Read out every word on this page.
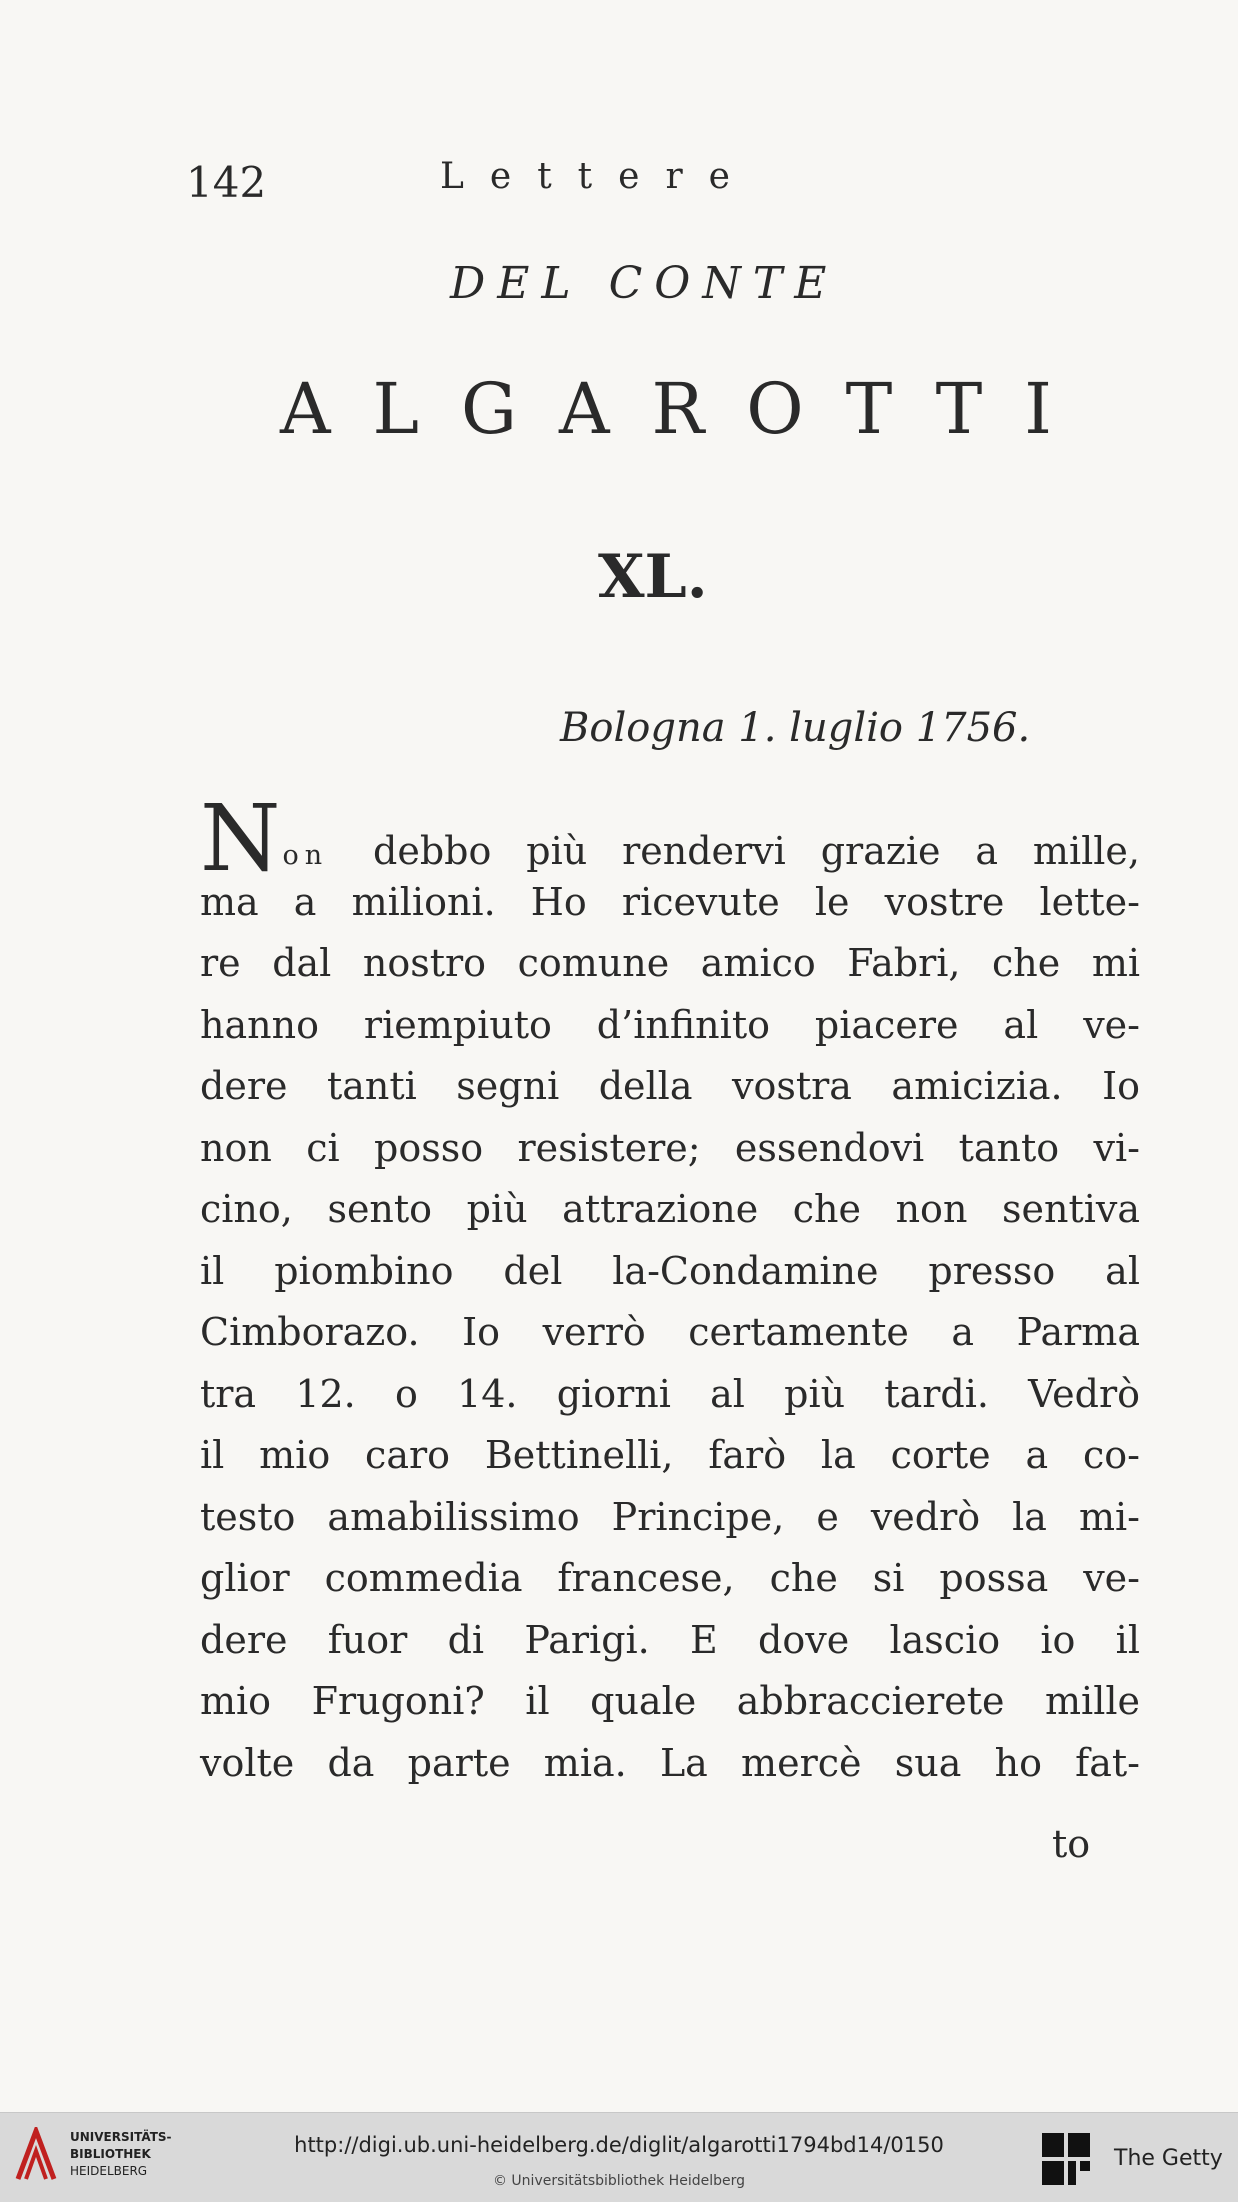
142	Lettere
DEL CONTE
ALGAROTTI
XL.
Bologna 1. luglio 1756.
Non debbo più rendervi grazie a mille,
ma a milioni. Ho ricevute le vostre lette-
re dal nostro comune amico Fabri, che mi
hanno riempiuto d’infinito piacere al ve-
dere tanti segni della vostra amicizia. Io
non ci posso resistere; essendovi tanto vi-
cino, sento più attrazione che non sentiva
il piombino del la-Condamine presso al
Cimborazo. Io verrò certamente a Parma
tra 12. o 14. giorni al più tardi. Vedrò
il mio caro Bettinelli, farò la corte a co-
testo amabilissimo Principe, e vedrò la mi-
glior commedia francese, che si possa ve-
dere fuor di Parigi. E dove lascio io il
mio Frugoni? il quale abbraccierete mille
volte da parte mia. La mercè sua ho fat-
to
UNIVERSITÄTS-
BIBLIOTHEK
HEIDELBERG
http://digi.ub.uni-heidelberg.de/diglit/algarotti1794bd14/0150
© Universitätsbibliothek Heidelberg
The Getty
